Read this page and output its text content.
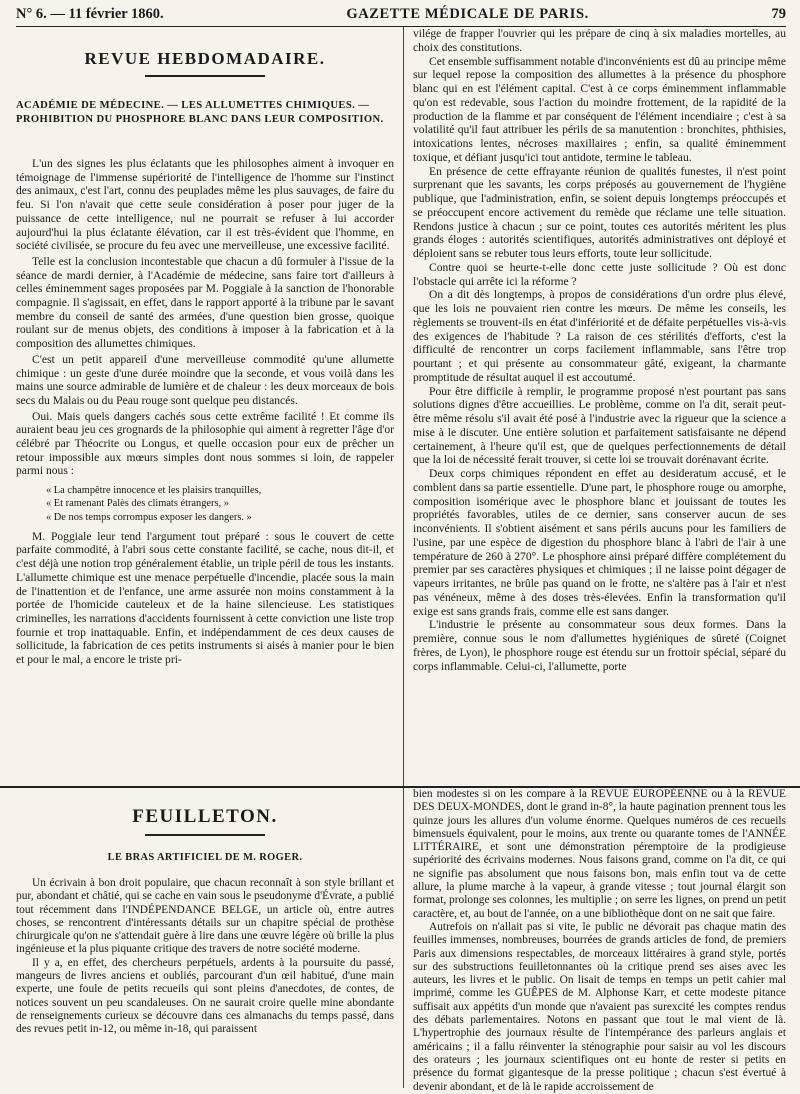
N° 6. — 11 février 1860.	GAZETTE MÉDICALE DE PARIS.	79
REVUE HEBDOMADAIRE.
ACADÉMIE DE MÉDECINE. — LES ALLUMETTES CHIMIQUES. — PROHIBITION DU PHOSPHORE BLANC DANS LEUR COMPOSITION.

L'un des signes les plus éclatants que les philosophes aiment à invoquer en témoignage de l'immense supériorité de l'intelligence de l'homme sur l'instinct des animaux, c'est l'art, connu des peuplades même les plus sauvages, de faire du feu. Si l'on n'avait que cette seule considération à poser pour juger de la puissance de cette intelligence, nul ne pourrait se refuser à lui accorder aujourd'hui la plus éclatante élévation, car il est très-évident que l'homme, en société civilisée, se procure du feu avec une merveilleuse, une excessive facilité.

Telle est la conclusion incontestable que chacun a dû formuler à l'issue de la séance de mardi dernier, à l'Académie de médecine, sans faire tort d'ailleurs à celles éminemment sages proposées par M. Poggiale à la sanction de l'honorable compagnie. Il s'agissait, en effet, dans le rapport apporté à la tribune par le savant membre du conseil de santé des armées, d'une question bien grosse, quoique roulant sur de menus objets, des conditions à imposer à la fabrication et à la composition des allumettes chimiques.

C'est un petit appareil d'une merveilleuse commodité qu'une allumette chimique : un geste d'une durée moindre que la seconde, et vous voilà dans les mains une source admirable de lumière et de chaleur : les deux morceaux de bois secs du Malais ou du Peau rouge sont quelque peu distancés.

Oui. Mais quels dangers cachés sous cette extrême facilité ! Et comme ils auraient beau jeu ces grognards de la philosophie qui aiment à regretter l'âge d'or célébré par Théocrite ou Longus, et quelle occasion pour eux de prêcher un retour impossible aux mœurs simples dont nous sommes si loin, de rappeler parmi nous :

« La champêtre innocence et les plaisirs tranquilles,
« Et ramenant Palès des climats étrangers, »
« De nos temps corrompus exposer les dangers. »

M. Poggiale leur tend l'argument tout préparé : sous le couvert de cette parfaite commodité, à l'abri sous cette constante facilité, se cache, nous dit-il, et c'est déjà une notion trop généralement établie, un triple péril de tous les instants. L'allumette chimique est une menace perpétuelle d'incendie, placée sous la main de l'inattention et de l'enfance, une arme assurée non moins constamment à la portée de l'homicide cauteleux et de la haine silencieuse. Les statistiques criminelles, les narrations d'accidents fournissent à cette conviction une liste trop fournie et trop inattaquable. Enfin, et indépendamment de ces deux causes de sollicitude, la fabrication de ces petits instruments si aisés à manier pour le bien et pour le mal, a encore le triste pri-

vilége de frapper l'ouvrier qui les prépare de cinq à six maladies mortelles, au choix des constitutions.

Cet ensemble suffisamment notable d'inconvénients est dû au principe même sur lequel repose la composition des allumettes à la présence du phosphore blanc qui en est l'élément capital. C'est à ce corps éminemment inflammable qu'on est redevable, sous l'action du moindre frottement, de la rapidité de la production de la flamme et par conséquent de l'élément incendiaire ; c'est à sa volatilité qu'il faut attribuer les périls de sa manutention : bronchites, phthisies, intoxications lentes, nécroses maxillaires ; enfin, sa qualité éminemment toxique, et défiant jusqu'ici tout antidote, termine le tableau.

En présence de cette effrayante réunion de qualités funestes, il n'est point surprenant que les savants, les corps préposés au gouvernement de l'hygiène publique, que l'administration, enfin, se soient depuis longtemps préoccupés et se préoccupent encore activement du remède que réclame une telle situation. Rendons justice à chacun ; sur ce point, toutes ces autorités méritent les plus grands éloges : autorités scientifiques, autorités administratives ont déployé et déploient sans se rebuter tous leurs efforts, toute leur sollicitude.

Contre quoi se heurte-t-elle donc cette juste sollicitude ? Où est donc l'obstacle qui arrête ici la réforme ?

On a dit dès longtemps, à propos de considérations d'un ordre plus élevé, que les lois ne pouvaient rien contre les mœurs. De même les conseils, les règlements se trouvent-ils en état d'infériorité et de défaite perpétuelles vis-à-vis des exigences de l'habitude ? La raison de ces stérilités d'efforts, c'est la difficulté de rencontrer un corps facilement inflammable, sans l'être trop pourtant ; et qui présente au consommateur gâté, exigeant, la charmante promptitude de résultat auquel il est accoutumé.

Pour être difficile à remplir, le programme proposé n'est pourtant pas sans solutions dignes d'être accueillies. Le problème, comme on l'a dit, serait peut-être même résolu s'il avait été posé à l'industrie avec la rigueur que la science a mise à le discuter. Une entière solution et parfaitement satisfaisante ne dépend certainement, à l'heure qu'il est, que de quelques perfectionnements de détail que la loi de nécessité ferait trouver, si cette loi se trouvait dorénavant écrite.

Deux corps chimiques répondent en effet au desideratum accusé, et le comblent dans sa partie essentielle. D'une part, le phosphore rouge ou amorphe, composition isomérique avec le phosphore blanc et jouissant de toutes les propriétés favorables, utiles de ce dernier, sans conserver aucun de ses inconvénients. Il s'obtient aisément et sans périls aucuns pour les familiers de l'usine, par une espèce de digestion du phosphore blanc à l'abri de l'air à une température de 260 à 270°. Le phosphore ainsi préparé diffère complétement du premier par ses caractères physiques et chimiques ; il ne laisse point dégager de vapeurs irritantes, ne brûle pas quand on le frotte, ne s'altère pas à l'air et n'est pas vénéneux, même à des doses très-élevées. Enfin la transformation qu'il exige est sans grands frais, comme elle est sans danger.

L'industrie le présente au consommateur sous deux formes. Dans la première, connue sous le nom d'allumettes hygiéniques de sûreté (Coignet frères, de Lyon), le phosphore rouge est étendu sur un frottoir spécial, séparé du corps inflammable. Celui-ci, l'allumette, porte

FEUILLETON.
LE BRAS ARTIFICIEL DE M. ROGER.

Un écrivain à bon droit populaire, que chacun reconnaît à son style brillant et pur, abondant et châtié, qui se cache en vain sous le pseudonyme d'Évrate, a publié tout récemment dans l'INDÉPENDANCE BELGE, un article où, entre autres choses, se rencontrent d'intéressants détails sur un chapitre spécial de prothèse chirurgicale qu'on ne s'attendait guère à lire dans une œuvre légère où brille la plus ingénieuse et la plus piquante critique des travers de notre société moderne.

Il y a, en effet, des chercheurs perpétuels, ardents à la poursuite du passé, mangeurs de livres anciens et oubliés, parcourant d'un œil habitué, d'une main experte, une foule de petits recueils qui sont pleins d'anecdotes, de contes, de notices souvent un peu scandaleuses. On ne saurait croire quelle mine abondante de renseignements curieux se découvre dans ces almanachs du temps passé, dans des revues petit in-12, ou même in-18, qui paraissent

bien modestes si on les compare à la REVUE EUROPÉENNE ou à la REVUE DES DEUX-MONDES, dont le grand in-8°, la haute pagination prennent tous les quinze jours les allures d'un volume énorme. Quelques numéros de ces recueils bimensuels équivalent, pour le moins, aux trente ou quarante tomes de l'ANNÉE LITTÉRAIRE, et sont une démonstration péremptoire de la prodigieuse supériorité des écrivains modernes. Nous faisons grand, comme on l'a dit, ce qui ne signifie pas absolument que nous faisons bon, mais enfin tout va de cette allure, la plume marche à la vapeur, à grande vitesse ; tout journal élargit son format, prolonge ses colonnes, les multiplie ; on serre les lignes, on prend un petit caractère, et, au bout de l'année, on a une bibliothèque dont on ne sait que faire.

Autrefois on n'allait pas si vite, le public ne dévorait pas chaque matin des feuilles immenses, nombreuses, bourrées de grands articles de fond, de premiers Paris aux dimensions respectables, de morceaux littéraires à grand style, portés sur des substructions feuilletonnantes où la critique prend ses aises avec les auteurs, les livres et le public. On lisait de temps en temps un petit cahier mal imprimé, comme les GUÊPES de M. Alphonse Karr, et cette modeste pitance suffisait aux appétits d'un monde que n'avaient pas surexcité les comptes rendus des débats parlementaires. Notons en passant que tout le mal vient de là. L'hypertrophie des journaux résulte de l'intempérance des parleurs anglais et américains ; il a fallu réinventer la sténographie pour saisir au vol les discours des orateurs ; les journaux scientifiques ont eu honte de rester si petits en présence du format gigantesque de la presse politique ; chacun s'est évertué à devenir abondant, et de là le rapide accroissement de
